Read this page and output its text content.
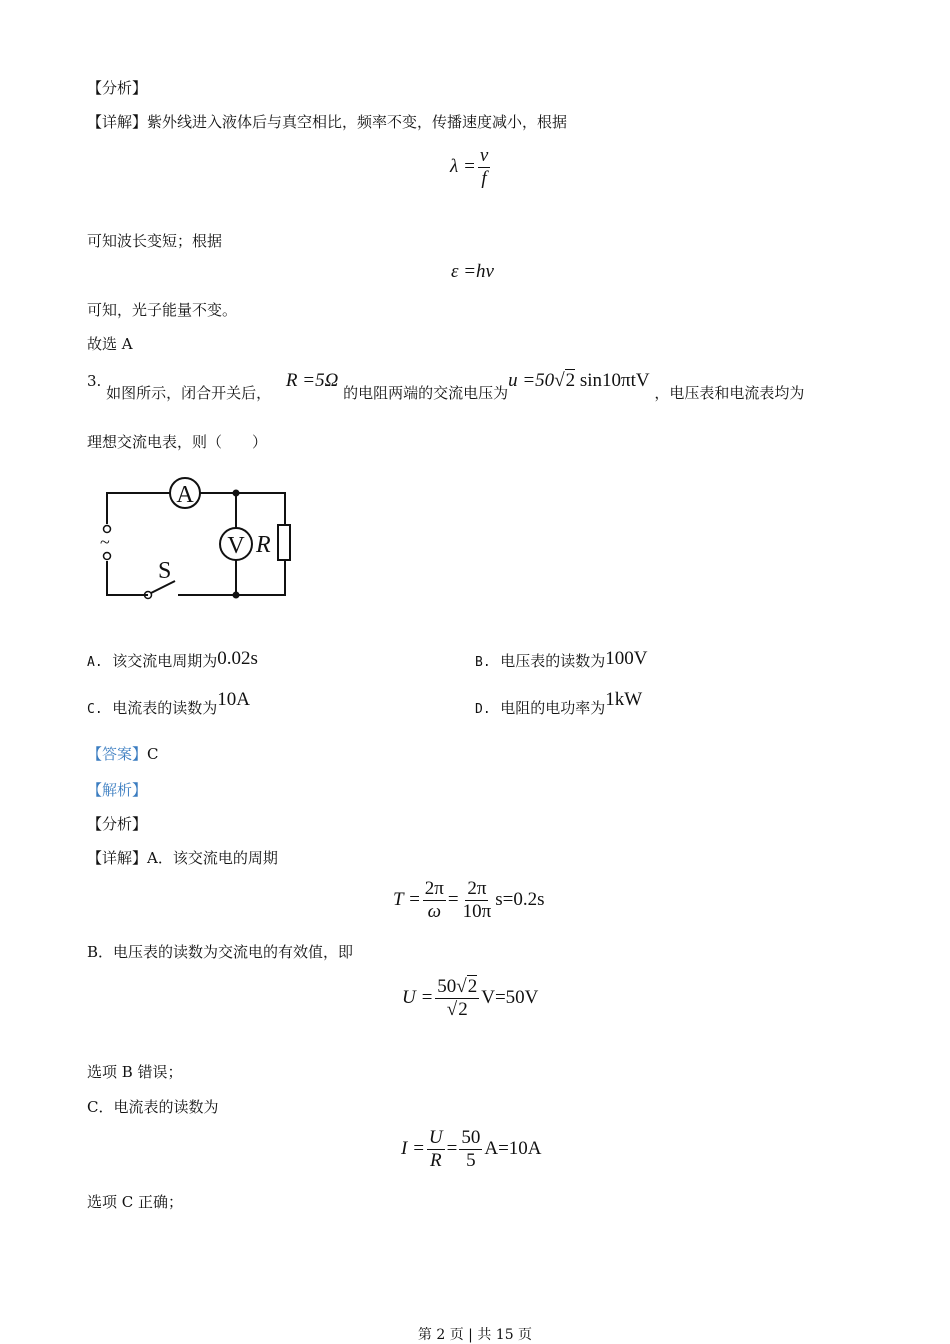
【分析】
【详解】紫外线进入液体后与真空相比，频率不变，传播速度减小，根据
$\lambda = \frac{v}{f}$
可知波长变短；根据
ε =hν
可知，光子能量不变。
故选 A
3. 如图所示，闭合开关后， R =5Ω 的电阻两端的交流电压为u =50√2 sin10πtV ，电压表和电流表均为
理想交流电表，则（　　）
A
V R
S
~
A. 该交流电周期为0.02s	B. 电压表的读数为100V
C. 电流表的读数为10A	D. 电阻的电功率为1kW
【答案】C
【解析】
【分析】
【详解】A．该交流电的周期
$T = \frac{2\pi}{\omega} = \frac{2\pi}{10\pi} s=0.2s$
B．电压表的读数为交流电的有效值，即
$U = \frac{50√2}{√2} V=50V$
选项 B 错误；
C．电流表的读数为
$I = \frac{U}{R} = \frac{50}{5} A=10A$
选项 C 正确；
第 2 页 | 共 15 页
